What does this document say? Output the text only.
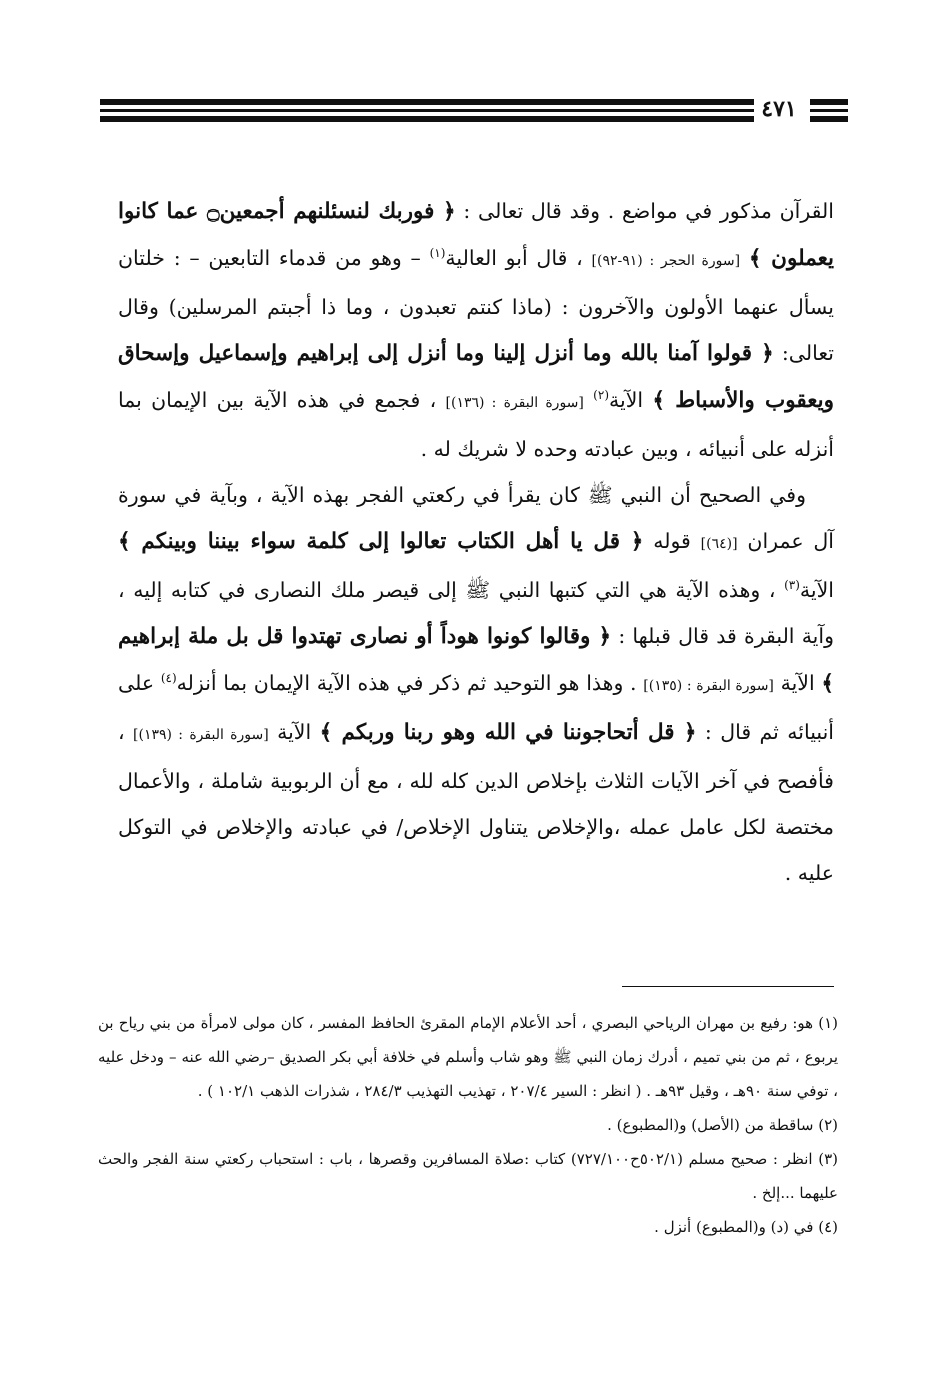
٤٧١

القرآن مذكور في مواضع . وقد قال تعالى : ﴿ فوربك لنسئلنهم أجمعين۝ عما كانوا يعملون ﴾ [سورة الحجر : (٩١-٩٢)] ، قال أبو العالية$^{(١)}$ – وهو من قدماء التابعين – : خلتان يسأل عنهما الأولون والآخرون : (ماذا كنتم تعبدون ، وما ذا أجبتم المرسلين) وقال تعالى: ﴿ قولوا آمنا بالله وما أنزل إلينا وما أنزل إلى إبراهيم وإسماعيل وإسحاق ويعقوب والأسباط ﴾ الآية$^{(٢)}$ [سورة البقرة : (١٣٦)] ، فجمع في هذه الآية بين الإيمان بما أنزله على أنبيائه ، وبين عبادته وحده لا شريك له .

وفي الصحيح أن النبي ﷺ كان يقرأ في ركعتي الفجر بهذه الآية ، وبآية في سورة آل عمران [(٦٤)] قوله ﴿ قل يا أهل الكتاب تعالوا إلى كلمة سواء بيننا وبينكم ﴾ الآية$^{(٣)}$ ، وهذه الآية هي التي كتبها النبي ﷺ إلى قيصر ملك النصارى في كتابه إليه ، وآية البقرة قد قال قبلها : ﴿ وقالوا كونوا هوداً أو نصارى تهتدوا قل بل ملة إبراهيم ﴾ الآية [سورة البقرة : (١٣٥)] . وهذا هو التوحيد ثم ذكر في هذه الآية الإيمان بما أنزله$^{(٤)}$ على أنبيائه ثم قال : ﴿ قل أتحاجوننا في الله وهو ربنا وربكم ﴾ الآية [سورة البقرة : (١٣٩)] ، فأفصح في آخر الآيات الثلاث بإخلاص الدين كله لله ، مع أن الربوبية شاملة ، والأعمال مختصة لكل عامل عمله ،والإخلاص يتناول الإخلاص/ في عبادته والإخلاص في التوكل عليه .

(١) هو: رفيع بن مهران الرياحي البصري ، أحد الأعلام الإمام المقرئ الحافظ المفسر ، كان مولى لامرأة من بني رياح بن يربوع ، ثم من بني تميم ، أدرك زمان النبي ﷺ وهو شاب وأسلم في خلافة أبي بكر الصديق –رضي الله عنه – ودخل عليه ، توفي سنة ٩٠هـ ، وقيل ٩٣هـ . ( انظر : السير ٢٠٧/٤ ، تهذيب التهذيب ٢٨٤/٣ ، شذرات الذهب ١٠٢/١ ) .

(٢) ساقطة من (الأصل) و(المطبوع) .

(٣) انظر : صحيح مسلم (٥٠٢/١ح٧٢٧/١٠٠) كتاب :صلاة المسافرين وقصرها ، باب : استحباب ركعتي سنة الفجر والحث عليهما ...إلخ .

(٤) في (د) و(المطبوع) أنزل .
